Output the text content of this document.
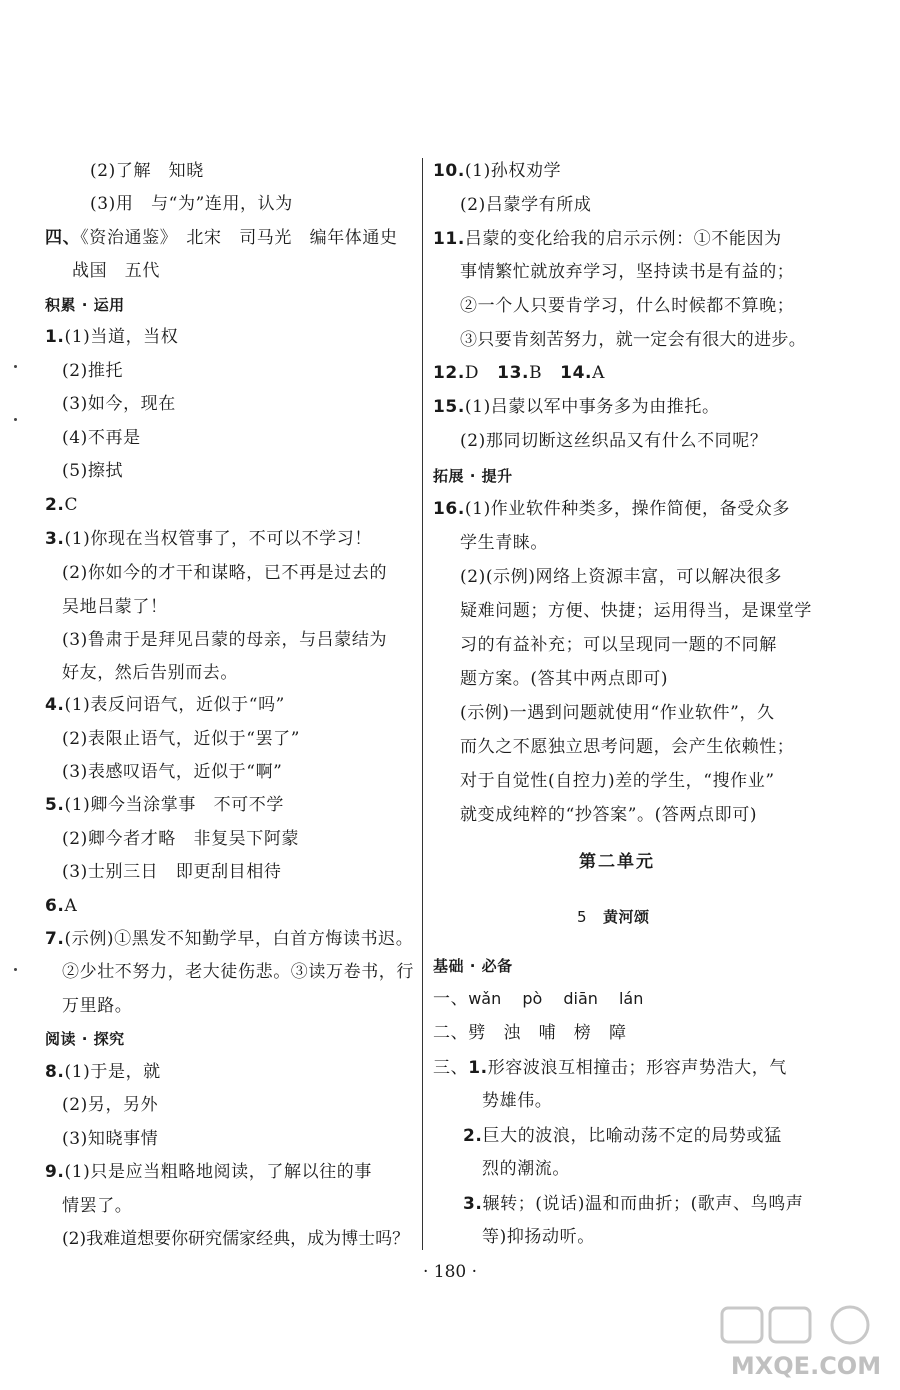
(2)了解　知晓
(3)用　与“为”连用，认为
四、《资治通鉴》　北宋　司马光　编年体通史
战国　五代
积累 · 运用
1.(1)当道，当权
(2)推托
(3)如今，现在
(4)不再是
(5)擦拭
2.C
3.(1)你现在当权管事了，不可以不学习！
(2)你如今的才干和谋略，已不再是过去的
吴地吕蒙了！
(3)鲁肃于是拜见吕蒙的母亲，与吕蒙结为
好友，然后告别而去。
4.(1)表反问语气，近似于“吗”
(2)表限止语气，近似于“罢了”
(3)表感叹语气，近似于“啊”
5.(1)卿今当涂掌事　不可不学
(2)卿今者才略　非复吴下阿蒙
(3)士别三日　即更刮目相待
6.A
7.(示例)①黑发不知勤学早，白首方悔读书迟。
②少壮不努力，老大徒伤悲。③读万卷书，行
万里路。
阅读 · 探究
8.(1)于是，就
(2)另，另外
(3)知晓事情
9.(1)只是应当粗略地阅读，了解以往的事
情罢了。
(2)我难道想要你研究儒家经典，成为博士吗？
10.(1)孙权劝学
(2)吕蒙学有所成
11.吕蒙的变化给我的启示示例：①不能因为
事情繁忙就放弃学习，坚持读书是有益的；
②一个人只要肯学习，什么时候都不算晚；
③只要肯刻苦努力，就一定会有很大的进步。
12.D 13.B 14.A
15.(1)吕蒙以军中事务多为由推托。
(2)那同切断这丝织品又有什么不同呢？
拓展 · 提升
16.(1)作业软件种类多，操作简便，备受众多
学生青睐。
(2)(示例)网络上资源丰富，可以解决很多
疑难问题；方便、快捷；运用得当，是课堂学
习的有益补充；可以呈现同一题的不同解
题方案。(答其中两点即可)
(示例)一遇到问题就使用“作业软件”，久
而久之不愿独立思考问题，会产生依赖性；
对于自觉性(自控力)差的学生，“搜作业”
就变成纯粹的“抄答案”。(答两点即可)
第二单元
5 黄河颂
基础 · 必备
一、wǎn　 pò　 diān　 lán
二、劈　浊　哺　榜　障
三、1.形容波浪互相撞击；形容声势浩大，气
势雄伟。
2.巨大的波浪，比喻动荡不定的局势或猛
烈的潮流。
3.辗转；(说话)温和而曲折；(歌声、鸟鸣声
等)抑扬动听。
· 180 ·
MXQE.COM
